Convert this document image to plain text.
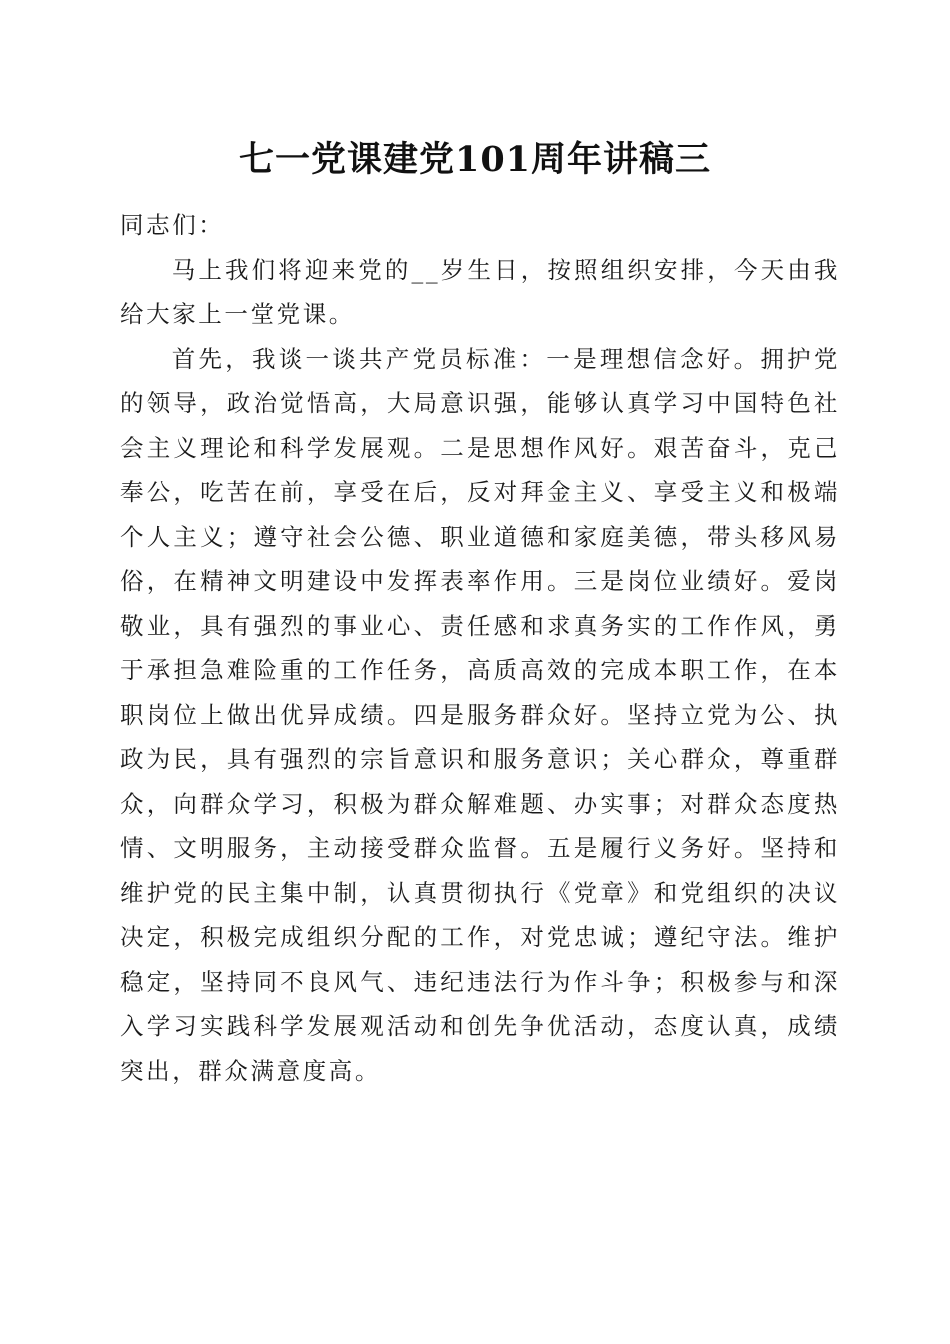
七一党课建党101周年讲稿三

同志们：

马上我们将迎来党的__岁生日，按照组织安排，今天由我给大家上一堂党课。

首先，我谈一谈共产党员标准：一是理想信念好。拥护党的领导，政治觉悟高，大局意识强，能够认真学习中国特色社会主义理论和科学发展观。二是思想作风好。艰苦奋斗，克己奉公，吃苦在前，享受在后，反对拜金主义、享受主义和极端个人主义；遵守社会公德、职业道德和家庭美德，带头移风易俗，在精神文明建设中发挥表率作用。三是岗位业绩好。爱岗敬业，具有强烈的事业心、责任感和求真务实的工作作风，勇于承担急难险重的工作任务，高质高效的完成本职工作，在本职岗位上做出优异成绩。四是服务群众好。坚持立党为公、执政为民，具有强烈的宗旨意识和服务意识；关心群众，尊重群众，向群众学习，积极为群众解难题、办实事；对群众态度热情、文明服务，主动接受群众监督。五是履行义务好。坚持和维护党的民主集中制，认真贯彻执行《党章》和党组织的决议决定，积极完成组织分配的工作，对党忠诚；遵纪守法。维护稳定，坚持同不良风气、违纪违法行为作斗争；积极参与和深入学习实践科学发展观活动和创先争优活动，态度认真，成绩突出，群众满意度高。
